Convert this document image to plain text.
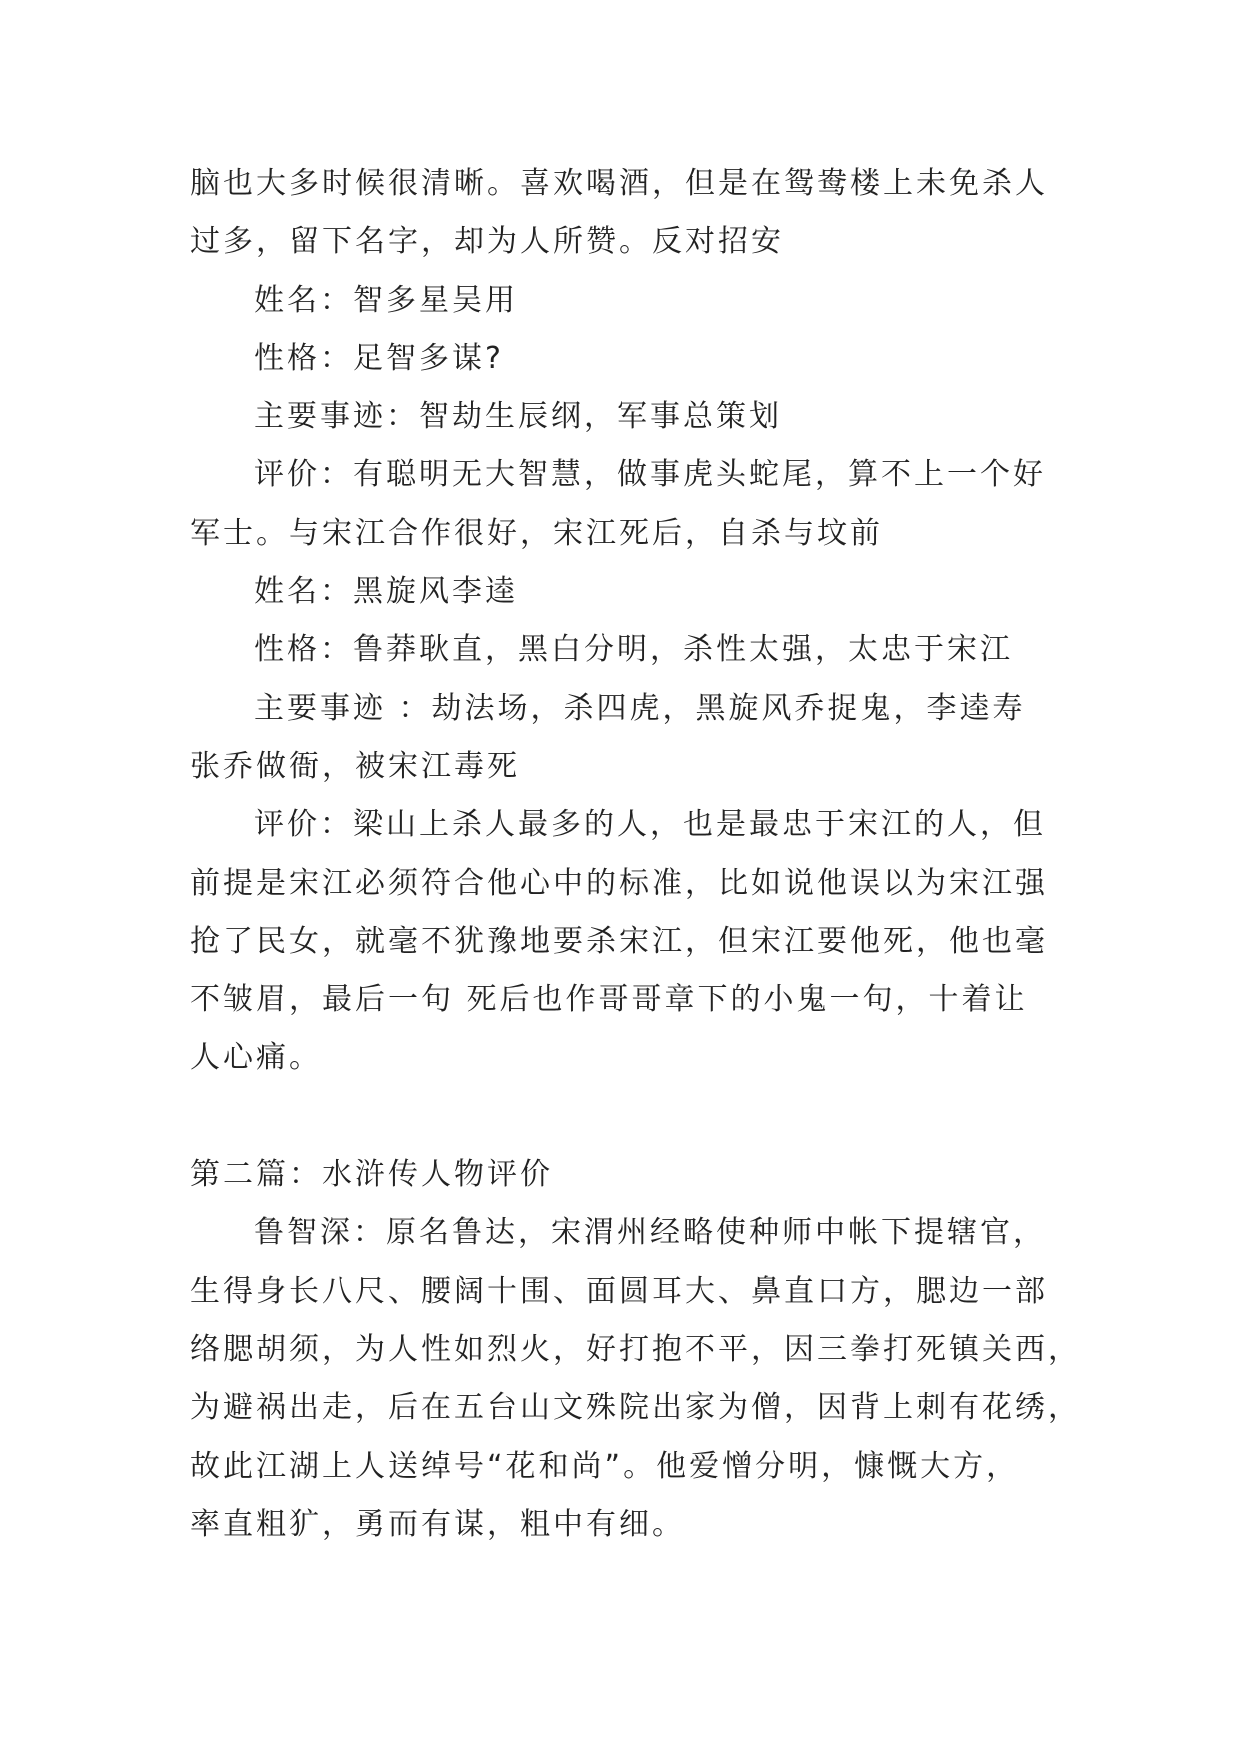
脑也大多时候很清晰。喜欢喝酒，但是在鸳鸯楼上未免杀人
过多，留下名字，却为人所赞。反对招安
姓名：智多星吴用
性格：足智多谋?
主要事迹：智劫生辰纲，军事总策划
评价：有聪明无大智慧，做事虎头蛇尾，算不上一个好
军士。与宋江合作很好，宋江死后，自杀与坟前
姓名：黑旋风李逵
性格：鲁莽耿直，黑白分明，杀性太强，太忠于宋江
主要事迹 ：劫法场，杀四虎，黑旋风乔捉鬼，李逵寿
张乔做衙，被宋江毒死
评价：梁山上杀人最多的人，也是最忠于宋江的人，但
前提是宋江必须符合他心中的标准，比如说他误以为宋江强
抢了民女，就毫不犹豫地要杀宋江，但宋江要他死，他也毫
不皱眉，最后一句 死后也作哥哥章下的小鬼一句，十着让
人心痛。
第二篇：水浒传人物评价
鲁智深：原名鲁达，宋渭州经略使种师中帐下提辖官，
生得身长八尺、腰阔十围、面圆耳大、鼻直口方，腮边一部
络腮胡须，为人性如烈火，好打抱不平，因三拳打死镇关西，
为避祸出走，后在五台山文殊院出家为僧，因背上刺有花绣，
故此江湖上人送绰号“花和尚”。他爱憎分明，慷慨大方，
率直粗犷，勇而有谋，粗中有细。
